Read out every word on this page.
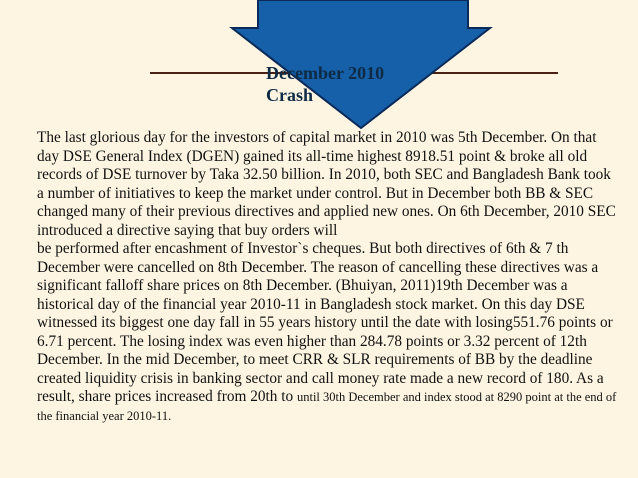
December 2010
Crash

The last glorious day for the investors of capital market in 2010 was 5th December. On that day DSE General Index (DGEN) gained its all-time highest 8918.51 point & broke all old records of DSE turnover by Taka 32.50 billion. In 2010, both SEC and Bangladesh Bank took a number of initiatives to keep the market under control. But in December both BB & SEC changed many of their previous directives and applied new ones. On 6th December, 2010 SEC introduced a directive saying that buy orders will

be performed after encashment of Investor`s cheques. But both directives of 6th & 7 th December were cancelled on 8th December. The reason of cancelling these directives was a significant falloff share prices on 8th December. (Bhuiyan, 2011)19th December was a historical day of the financial year 2010-11 in Bangladesh stock market. On this day DSE witnessed its biggest one day fall in 55 years history until the date with losing551.76 points or 6.71 percent. The losing index was even higher than 284.78 points or 3.32 percent of 12th December. In the mid December, to meet CRR & SLR requirements of BB by the deadline created liquidity crisis in banking sector and call money rate made a new record of 180. As a result, share prices increased from 20th to until 30th December and index stood at 8290 point at the end of the financial year 2010-11.
